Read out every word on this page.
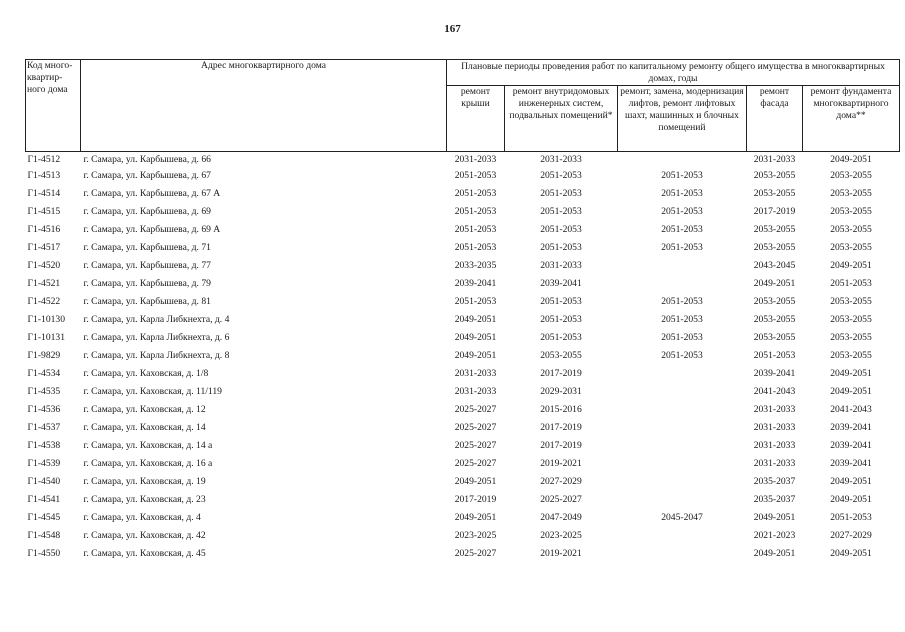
167
Код много-квартир-ного дома	Адрес многоквартирного дома	Плановые периоды проведения работ по капитальному ремонту общего имущества в многоквартирных домах, годы				
		ремонт крыши	ремонт внутридомовых инженерных систем, подвальных помещений*	ремонт, замена, модернизация лифтов, ремонт лифтовых шахт, машинных и блочных помещений	ремонт фасада	ремонт фундамента многоквартирного дома**
Г1-4512	г. Самара, ул. Карбышева, д. 66	2031-2033	2031-2033		2031-2033	2049-2051
Г1-4513	г. Самара, ул. Карбышева, д. 67	2051-2053	2051-2053	2051-2053	2053-2055	2053-2055
Г1-4514	г. Самара, ул. Карбышева, д. 67 А	2051-2053	2051-2053	2051-2053	2053-2055	2053-2055
Г1-4515	г. Самара, ул. Карбышева, д. 69	2051-2053	2051-2053	2051-2053	2017-2019	2053-2055
Г1-4516	г. Самара, ул. Карбышева, д. 69 А	2051-2053	2051-2053	2051-2053	2053-2055	2053-2055
Г1-4517	г. Самара, ул. Карбышева, д. 71	2051-2053	2051-2053	2051-2053	2053-2055	2053-2055
Г1-4520	г. Самара, ул. Карбышева, д. 77	2033-2035	2031-2033		2043-2045	2049-2051
Г1-4521	г. Самара, ул. Карбышева, д. 79	2039-2041	2039-2041		2049-2051	2051-2053
Г1-4522	г. Самара, ул. Карбышева, д. 81	2051-2053	2051-2053	2051-2053	2053-2055	2053-2055
Г1-10130	г. Самара, ул. Карла Либкнехта, д. 4	2049-2051	2051-2053	2051-2053	2053-2055	2053-2055
Г1-10131	г. Самара, ул. Карла Либкнехта, д. 6	2049-2051	2051-2053	2051-2053	2053-2055	2053-2055
Г1-9829	г. Самара, ул. Карла Либкнехта, д. 8	2049-2051	2053-2055	2051-2053	2051-2053	2053-2055
Г1-4534	г. Самара, ул. Каховская, д. 1/8	2031-2033	2017-2019		2039-2041	2049-2051
Г1-4535	г. Самара, ул. Каховская, д. 11/119	2031-2033	2029-2031		2041-2043	2049-2051
Г1-4536	г. Самара, ул. Каховская, д. 12	2025-2027	2015-2016		2031-2033	2041-2043
Г1-4537	г. Самара, ул. Каховская, д. 14	2025-2027	2017-2019		2031-2033	2039-2041
Г1-4538	г. Самара, ул. Каховская, д. 14 а	2025-2027	2017-2019		2031-2033	2039-2041
Г1-4539	г. Самара, ул. Каховская, д. 16 а	2025-2027	2019-2021		2031-2033	2039-2041
Г1-4540	г. Самара, ул. Каховская, д. 19	2049-2051	2027-2029		2035-2037	2049-2051
Г1-4541	г. Самара, ул. Каховская, д. 23	2017-2019	2025-2027		2035-2037	2049-2051
Г1-4545	г. Самара, ул. Каховская, д. 4	2049-2051	2047-2049	2045-2047	2049-2051	2051-2053
Г1-4548	г. Самара, ул. Каховская, д. 42	2023-2025	2023-2025		2021-2023	2027-2029
Г1-4550	г. Самара, ул. Каховская, д. 45	2025-2027	2019-2021		2049-2051	2049-2051
